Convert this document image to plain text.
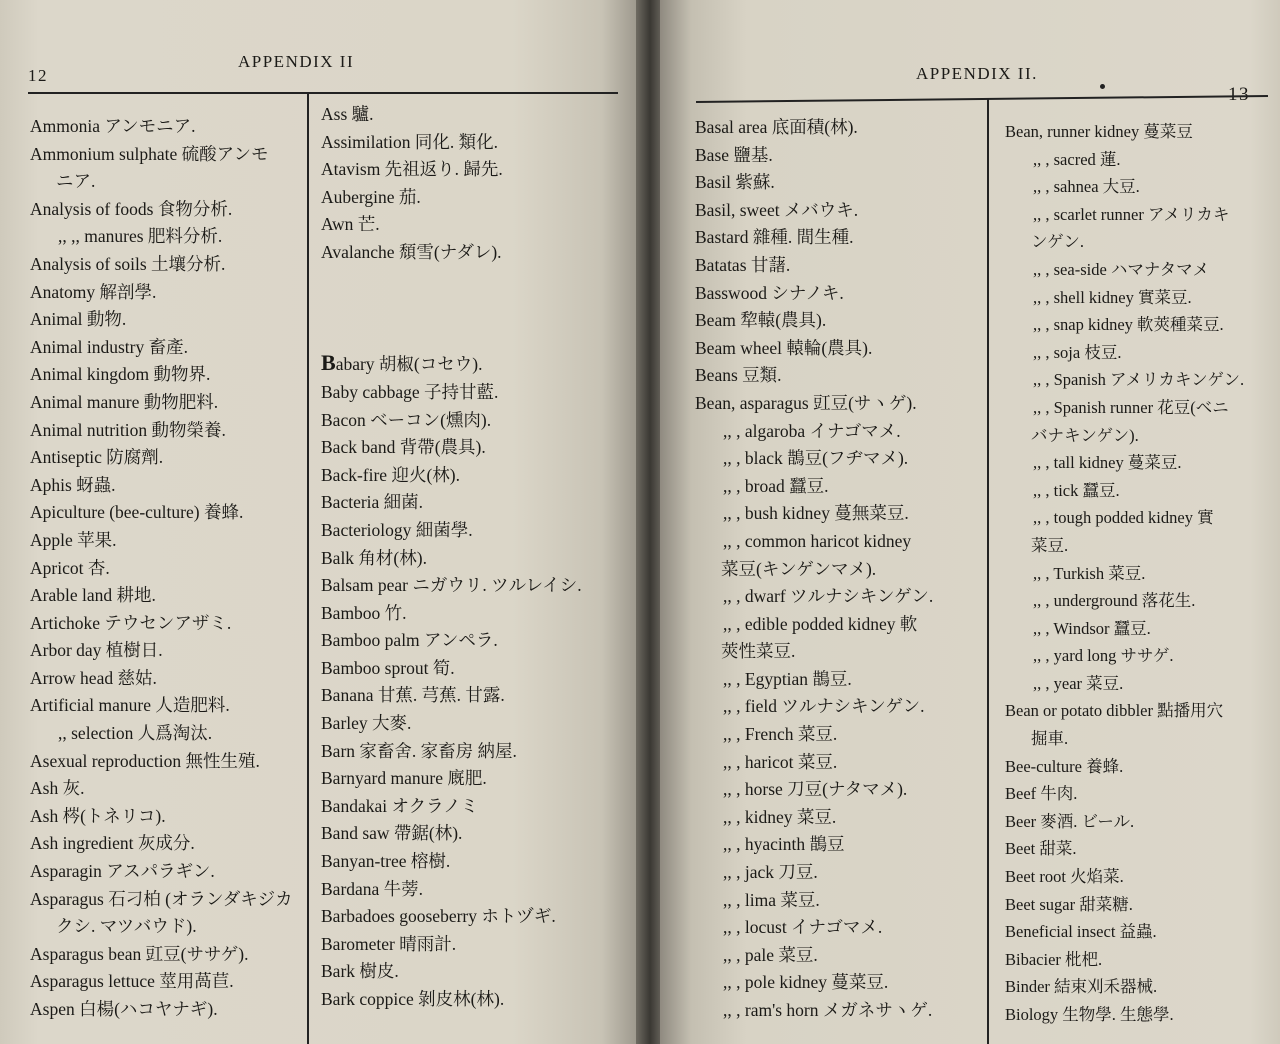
12
APPENDIX II
Ammonia アンモニア.
Ammonium sulphate 硫酸アンモ
ニア.
Analysis of foods 食物分析.
,, ,, manures 肥料分析.
Analysis of soils 土壤分析.
Anatomy 解剖學.
Animal 動物.
Animal industry 畜產.
Animal kingdom 動物界.
Animal manure 動物肥料.
Animal nutrition 動物榮養.
Antiseptic 防腐劑.
Aphis 蚜蟲.
Apiculture (bee-culture) 養蜂.
Apple 苹果.
Apricot 杏.
Arable land 耕地.
Artichoke テウセンアザミ.
Arbor day 植樹日.
Arrow head 慈姑.
Artificial manure 人造肥料.
,, selection 人爲淘汰.
Asexual reproduction 無性生殖.
Ash 灰.
Ash 梣(トネリコ).
Ash ingredient 灰成分.
Asparagin アスパラギン.
Asparagus 石刁柏 (オランダキジカ
クシ. マツバウド).
Asparagus bean 豇豆(ササゲ).
Asparagus lettuce 莖用萵苣.
Aspen 白楊(ハコヤナギ).
Ass 驢.
Assimilation 同化. 類化.
Atavism 先祖返り. 歸先.
Aubergine 茄.
Awn 芒.
Avalanche 頹雪(ナダレ).
Babary 胡椒(コセウ).
Baby cabbage 子持甘藍.
Bacon ベーコン(燻肉).
Back band 背帶(農具).
Back-fire 迎火(林).
Bacteria 細菌.
Bacteriology 細菌學.
Balk 角材(林).
Balsam pear ニガウリ. ツルレイシ.
Bamboo 竹.
Bamboo palm アンペラ.
Bamboo sprout 筍.
Banana 甘蕉. 芎蕉. 甘露.
Barley 大麥.
Barn 家畜舍. 家畜房 納屋.
Barnyard manure 廐肥.
Bandakai オクラノミ
Band saw 帶鋸(林).
Banyan-tree 榕樹.
Bardana 牛蒡.
Barbadoes gooseberry ホトヅギ.
Barometer 晴雨計.
Bark 樹皮.
Bark coppice 剝皮林(林).
APPENDIX II.
13
Basal area 底面積(林).
Base 鹽基.
Basil 紫蘇.
Basil, sweet メバウキ.
Bastard 雜種. 間生種.
Batatas 甘藷.
Basswood シナノキ.
Beam 犂轅(農具).
Beam wheel 轅輪(農具).
Beans 豆類.
Bean, asparagus 豇豆(サヽゲ).
,, , algaroba イナゴマメ.
,, , black 鵲豆(フヂマメ).
,, , broad 蠶豆.
,, , bush kidney 蔓無菜豆.
,, , common haricot kidney
菜豆(キンゲンマメ).
,, , dwarf ツルナシキンゲン.
,, , edible podded kidney 軟
莢性菜豆.
,, , Egyptian 鵲豆.
,, , field ツルナシキンゲン.
,, , French 菜豆.
,, , haricot 菜豆.
,, , horse 刀豆(ナタマメ).
,, , kidney 菜豆.
,, , hyacinth 鵲豆
,, , jack 刀豆.
,, , lima 菜豆.
,, , locust イナゴマメ.
,, , pale 菜豆.
,, , pole kidney 蔓菜豆.
,, , ram's horn メガネサヽゲ.
Bean, runner kidney 蔓菜豆
,, , sacred 蓮.
,, , sahnea 大豆.
,, , scarlet runner アメリカキ
ンゲン.
,, , sea-side ハマナタマメ
,, , shell kidney 實菜豆.
,, , snap kidney 軟莢種菜豆.
,, , soja 枝豆.
,, , Spanish アメリカキンゲン.
,, , Spanish runner 花豆(ベニ
バナキンゲン).
,, , tall kidney 蔓菜豆.
,, , tick 蠶豆.
,, , tough podded kidney 實
菜豆.
,, , Turkish 菜豆.
,, , underground 落花生.
,, , Windsor 蠶豆.
,, , yard long ササゲ.
,, , year 菜豆.
Bean or potato dibbler 點播用穴
掘車.
Bee-culture 養蜂.
Beef 牛肉.
Beer 麥酒. ビール.
Beet 甜菜.
Beet root 火焰菜.
Beet sugar 甜菜糖.
Beneficial insect 益蟲.
Bibacier 枇杷.
Binder 結束刈禾器械.
Biology 生物學. 生態學.
